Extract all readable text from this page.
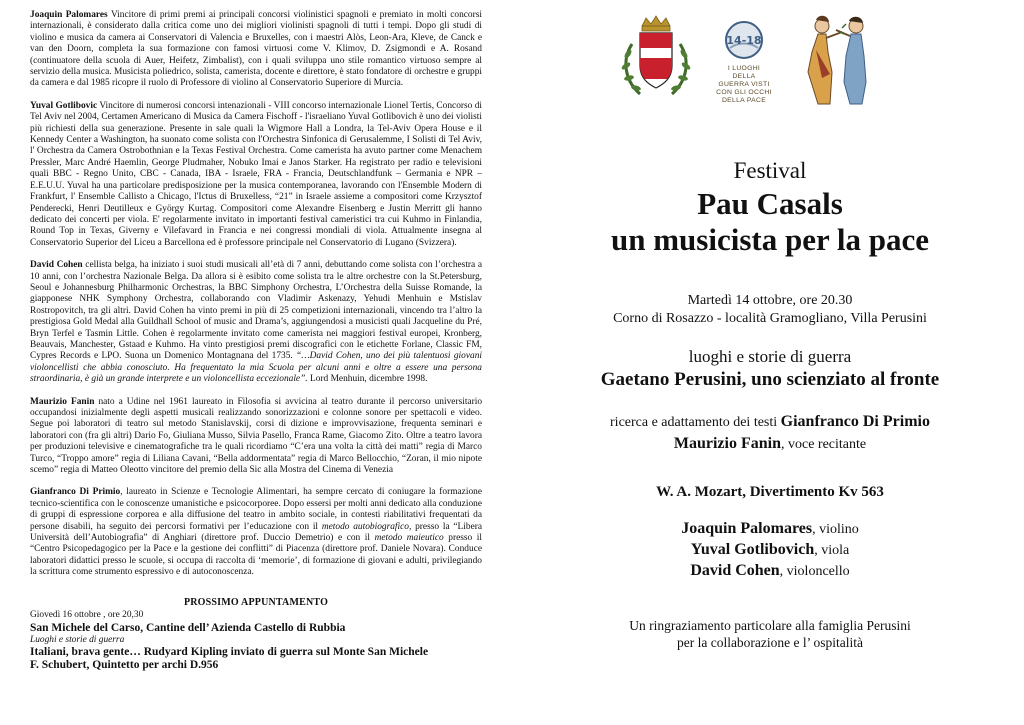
Joaquin Palomares Vincitore di primi premi ai principali concorsi violinistici spagnoli e premiato in molti concorsi internazionali, è considerato dalla critica come uno dei migliori violinisti spagnoli di tutti i tempi. Dopo gli studi di violino e musica da camera ai Conservatori di Valencia e Bruxelles, con i maestri Alòs, Leon-Ara, Kleve, de Canck e van den Doorn, completa la sua formazione con famosi virtuosi come V. Klimov, D. Zsigmondi e A. Rosand (continuatore della scuola di Auer, Heifetz, Zimbalist), con i quali sviluppa uno stile romantico virtuoso sempre al servizio della musica. Musicista poliedrico, solista, camerista, docente e direttore, è stato fondatore di orchestre e gruppi da camera e dal 1985 ricopre il ruolo di Professore di violino al Conservatorio Superiore di Murcia.

Yuval Gotlibovic Vincitore di numerosi concorsi intenazionali - VIII concorso internazionale Lionel Tertis, Concorso di Tel Aviv nel 2004, Certamen Americano di Musica da Camera Fischoff - l'israeliano Yuval Gotlibovich è uno dei violisti più richiesti della sua generazione. Presente in sale quali la Wigmore Hall a Londra, la Tel-Aviv Opera House e il Kennedy Center a Washington, ha suonato come solista con l'Orchestra Sinfonica di Gerusalemme, I Solisti di Tel Aviv, l' Orchestra da Camera Ostrobothnian e la Texas Festival Orchestra. Come camerista ha avuto partner come Menachem Pressler, Marc André Haemlin, George Pludmaher, Nobuko Imai e Janos Starker. Ha registrato per radio e televisioni quali BBC - Regno Unito, CBC - Canada, IBA - Israele, FRA - Francia, Deutschlandfunk – Germania e NPR – E.E.U.U. Yuval ha una particolare predisposizione per la musica contemporanea, lavorando con l'Ensemble Modern di Frankfurt, l' Ensemble Callisto a Chicago, l'Ictus di Bruxelless, “21” in Israele assieme a compositori come Krzysztof Penderecki, Henri Deutilleux e György Kurtag. Compositori come Alexandre Eisenberg e Justin Merritt gli hanno dedicato dei concerti per viola. E' regolarmente invitato in importanti festival cameristici tra cui Kuhmo in Finlandia, Round Top in Texas, Giverny e Vilefavard in Francia e nei congressi mondiali di viola. Attualmente insegna al Conservatorio Superior del Liceu a Barcellona ed è professore principale nel Conservatorio di Lugano (Svizzera).

David Cohen cellista belga, ha iniziato i suoi studi musicali all’età di 7 anni, debuttando come solista con l’orchestra a 10 anni, con l’orchestra Nazionale Belga. Da allora si è esibito come solista tra le altre orchestre con la St.Petersburg, Seoul e Johannesburg Philharmonic Orchestras, la BBC Simphony Orchestra, L’Orchestra della Suisse Romande, la giapponese NHK Symphony Orchestra, collaborando con Vladimir Askenazy, Yehudi Menhuin e Mstislav Rostropovitch, tra gli altri. David Cohen ha vinto premi in più di 25 competizioni internazionali, vincendo tra l’altro la prestigiosa Gold Medal alla Guildhall School of music and Drama’s, aggiungendosi a musicisti quali Jacqueline du Pré, Bryn Terfel e Tasmin Little. Cohen è regolarmente invitato come camerista nei maggiori festival europei, Kronberg, Beauvais, Manchester, Gstaad e Kuhmo. Ha vinto prestigiosi premi discografici con le etichette Forlane, Classic FM, Cypres Records e LPO. Suona un Domenico Montagnana del 1735. “…David Cohen, uno dei più talentuosi giovani violoncellisti che abbia conosciuto. Ha frequentato la mia Scuola per alcuni anni e oltre a essere una persona straordinaria, è già un grande interprete e un violoncellista eccezionale”. Lord Menhuin, dicembre 1998.

Maurizio Fanin nato a Udine nel 1961 laureato in Filosofia si avvicina al teatro durante il percorso universitario occupandosi inizialmente degli aspetti musicali realizzando sonorizzazioni e colonne sonore per spettacoli e video. Segue poi laboratori di teatro sul metodo Stanislavskij, corsi di dizione e improvvisazione, frequenta seminari e laboratori con (fra gli altri) Dario Fo, Giuliana Musso, Silvia Pasello, Franca Rame, Giacomo Zito. Oltre a teatro lavora per produzioni televisive e cinematografiche tra le quali ricordiamo “C’era una volta la città dei matti” regia di Marco Turco, “Troppo amore” regia di Liliana Cavani, “Bella addormentata” regia di Marco Bellocchio, “Zoran, il mio nipote scemo” regia di Matteo Oleotto vincitore del premio della Sic alla Mostra del Cinema di Venezia

Gianfranco Di Primio, laureato in Scienze e Tecnologie Alimentari, ha sempre cercato di coniugare la formazione tecnico-scientifica con le conoscenze umanistiche e psicocorporee. Dopo essersi per molti anni dedicato alla conduzione di gruppi di espressione corporea e alla diffusione del teatro in ambito sociale, in contesti riabilitativi frequentati da persone disabili, ha seguito dei percorsi formativi per l’educazione con il metodo autobiografico, presso la “Libera Università dell’Autobiografia” di Anghiari (direttore prof. Duccio Demetrio) e con il metodo maieutico presso il “Centro Psicopedagogico per la Pace e la gestione dei conflitti” di Piacenza (direttore prof. Daniele Novara). Conduce laboratori didattici presso le scuole, si occupa di raccolta di ‘memorie’, di formazione di giovani e adulti, privilegiando la scrittura come strumento espressivo e di autoconoscenza.

PROSSIMO APPUNTAMENTO
Giovedì 16 ottobre , ore 20,30
San Michele del Carso, Cantine dell’ Azienda Castello di Rubbia
Luoghi e storie di guerra
Italiani, brava gente… Rudyard Kipling inviato di guerra sul Monte San Michele
F. Schubert, Quintetto per archi D.956
14-18
I LUOGHI DELLA
GUERRA VISTI
CON GLI OCCHI
DELLA PACE
Festival
Pau Casals
un musicista per la pace
Martedì 14 ottobre, ore 20.30
Corno di Rosazzo - località Gramogliano, Villa Perusini
luoghi e storie di guerra
Gaetano Perusini, uno scienziato al fronte
ricerca e adattamento dei testi Gianfranco Di Primio
Maurizio Fanin, voce recitante
W. A. Mozart, Divertimento Kv 563
Joaquin Palomares, violino
Yuval Gotlibovich, viola
David Cohen, violoncello
Un ringraziamento particolare alla famiglia Perusini
per la collaborazione e l’ ospitalità
